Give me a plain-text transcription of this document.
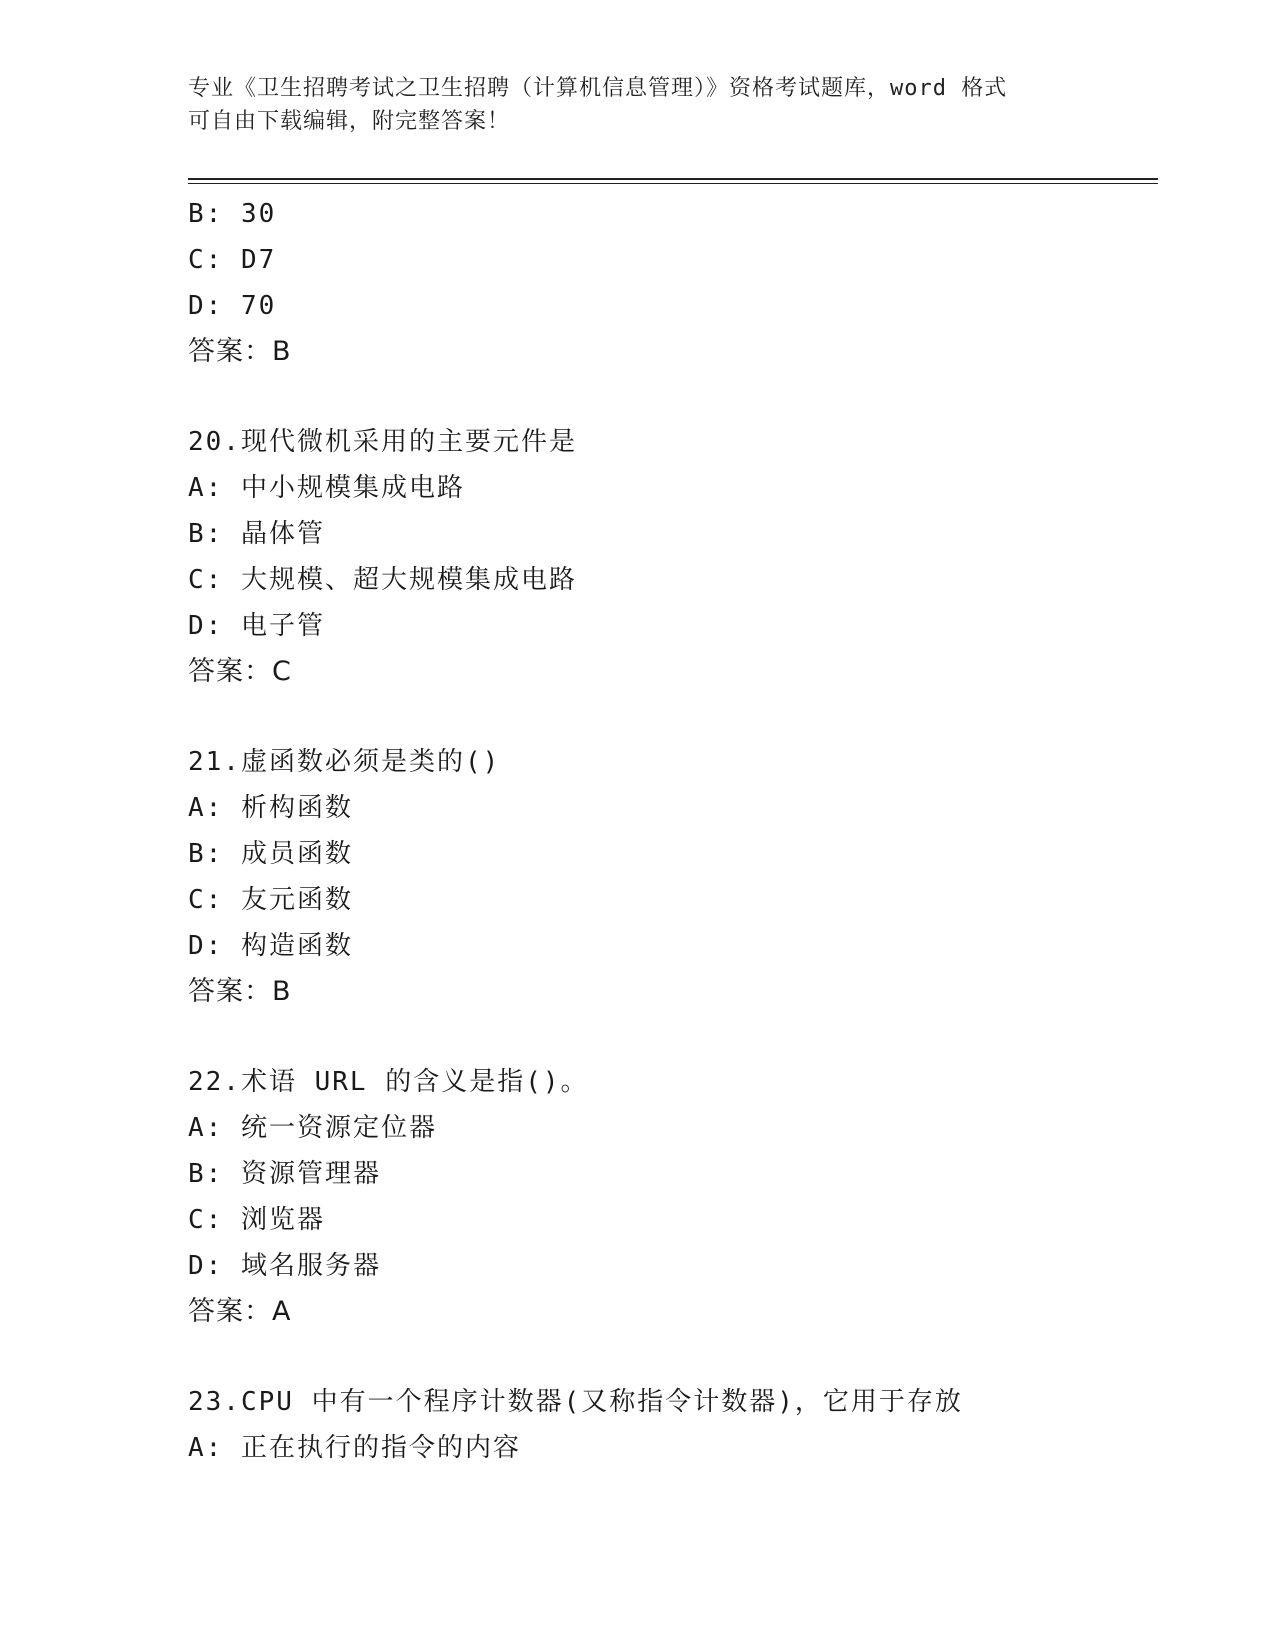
专业《卫生招聘考试之卫生招聘（计算机信息管理）》资格考试题库，word 格式
可自由下载编辑，附完整答案！
B: 30
C: D7
D: 70
答案：B
20.现代微机采用的主要元件是
A: 中小规模集成电路
B: 晶体管
C: 大规模、超大规模集成电路
D: 电子管
答案：C
21.虚函数必须是类的()
A: 析构函数
B: 成员函数
C: 友元函数
D: 构造函数
答案：B
22.术语 URL 的含义是指()。
A: 统一资源定位器
B: 资源管理器
C: 浏览器
D: 域名服务器
答案：A
23.CPU 中有一个程序计数器(又称指令计数器)，它用于存放
A: 正在执行的指令的内容
